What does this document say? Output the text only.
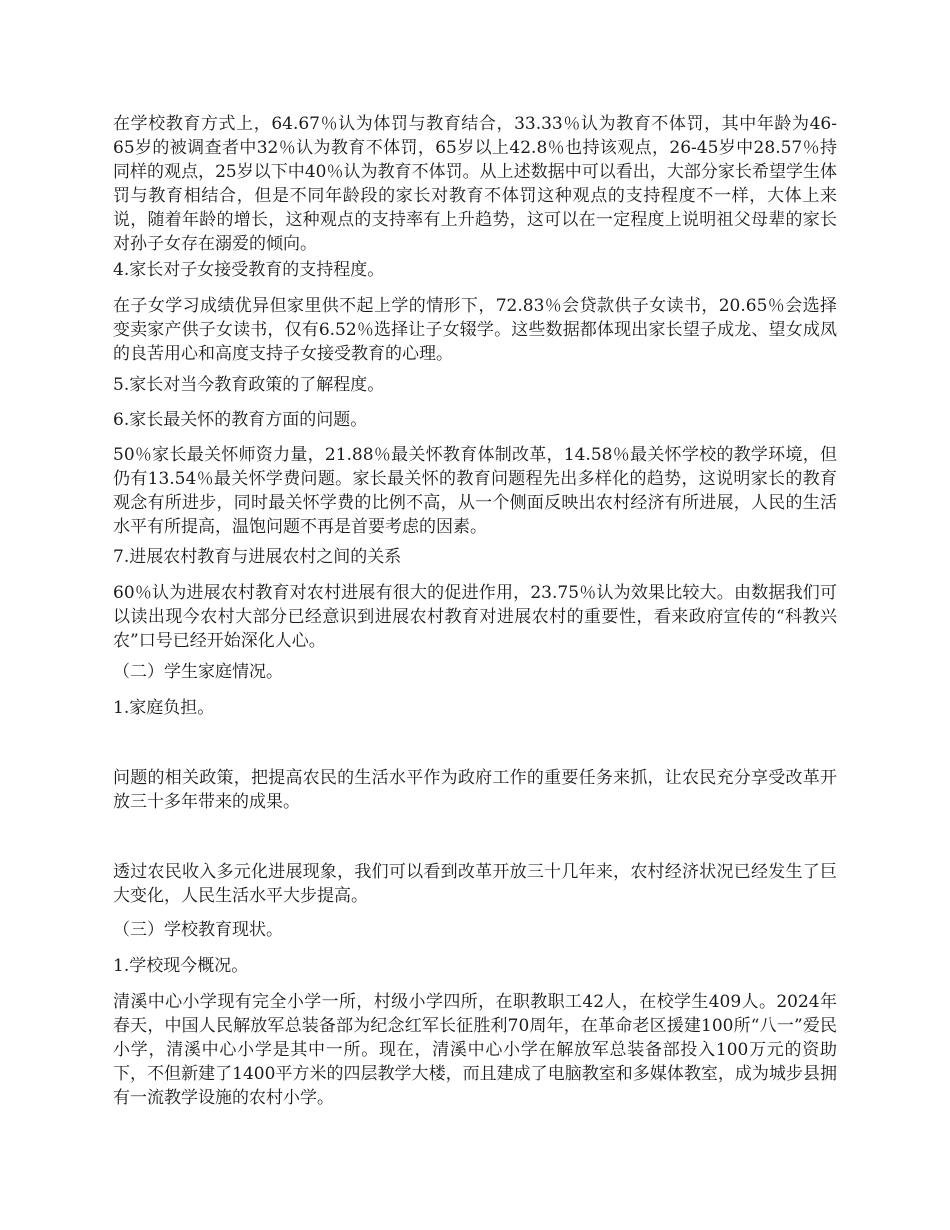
在学校教育方式上，64.67％认为体罚与教育结合，33.33％认为教育不体罚，其中年龄为46-65岁的被调查者中32％认为教育不体罚，65岁以上42.8％也持该观点，26-45岁中28.57％持同样的观点，25岁以下中40％认为教育不体罚。从上述数据中可以看出，大部分家长希望学生体罚与教育相结合，但是不同年龄段的家长对教育不体罚这种观点的支持程度不一样，大体上来说，随着年龄的增长，这种观点的支持率有上升趋势，这可以在一定程度上说明祖父母辈的家长对孙子女存在溺爱的倾向。

4.家长对子女接受教育的支持程度。

在子女学习成绩优异但家里供不起上学的情形下，72.83％会贷款供子女读书，20.65％会选择变卖家产供子女读书，仅有6.52％选择让子女辍学。这些数据都体现出家长望子成龙、望女成凤的良苦用心和高度支持子女接受教育的心理。

5.家长对当今教育政策的了解程度。

6.家长最关怀的教育方面的问题。

50％家长最关怀师资力量，21.88％最关怀教育体制改革，14.58％最关怀学校的教学环境，但仍有13.54％最关怀学费问题。家长最关怀的教育问题程先出多样化的趋势，这说明家长的教育观念有所进步，同时最关怀学费的比例不高，从一个侧面反映出农村经济有所进展，人民的生活水平有所提高，温饱问题不再是首要考虑的因素。

7.进展农村教育与进展农村之间的关系

60％认为进展农村教育对农村进展有很大的促进作用，23.75％认为效果比较大。由数据我们可以读出现今农村大部分已经意识到进展农村教育对进展农村的重要性，看来政府宣传的“科教兴农”口号已经开始深化人心。

（二）学生家庭情况。

1.家庭负担。

问题的相关政策，把提高农民的生活水平作为政府工作的重要任务来抓，让农民充分享受改革开放三十多年带来的成果。

透过农民收入多元化进展现象，我们可以看到改革开放三十几年来，农村经济状况已经发生了巨大变化，人民生活水平大步提高。

（三）学校教育现状。

1.学校现今概况。

清溪中心小学现有完全小学一所，村级小学四所，在职教职工42人，在校学生409人。2024年春天，中国人民解放军总装备部为纪念红军长征胜利70周年，在革命老区援建100所“八一”爱民小学，清溪中心小学是其中一所。现在，清溪中心小学在解放军总装备部投入100万元的资助下，不但新建了1400平方米的四层教学大楼，而且建成了电脑教室和多媒体教室，成为城步县拥有一流教学设施的农村小学。
